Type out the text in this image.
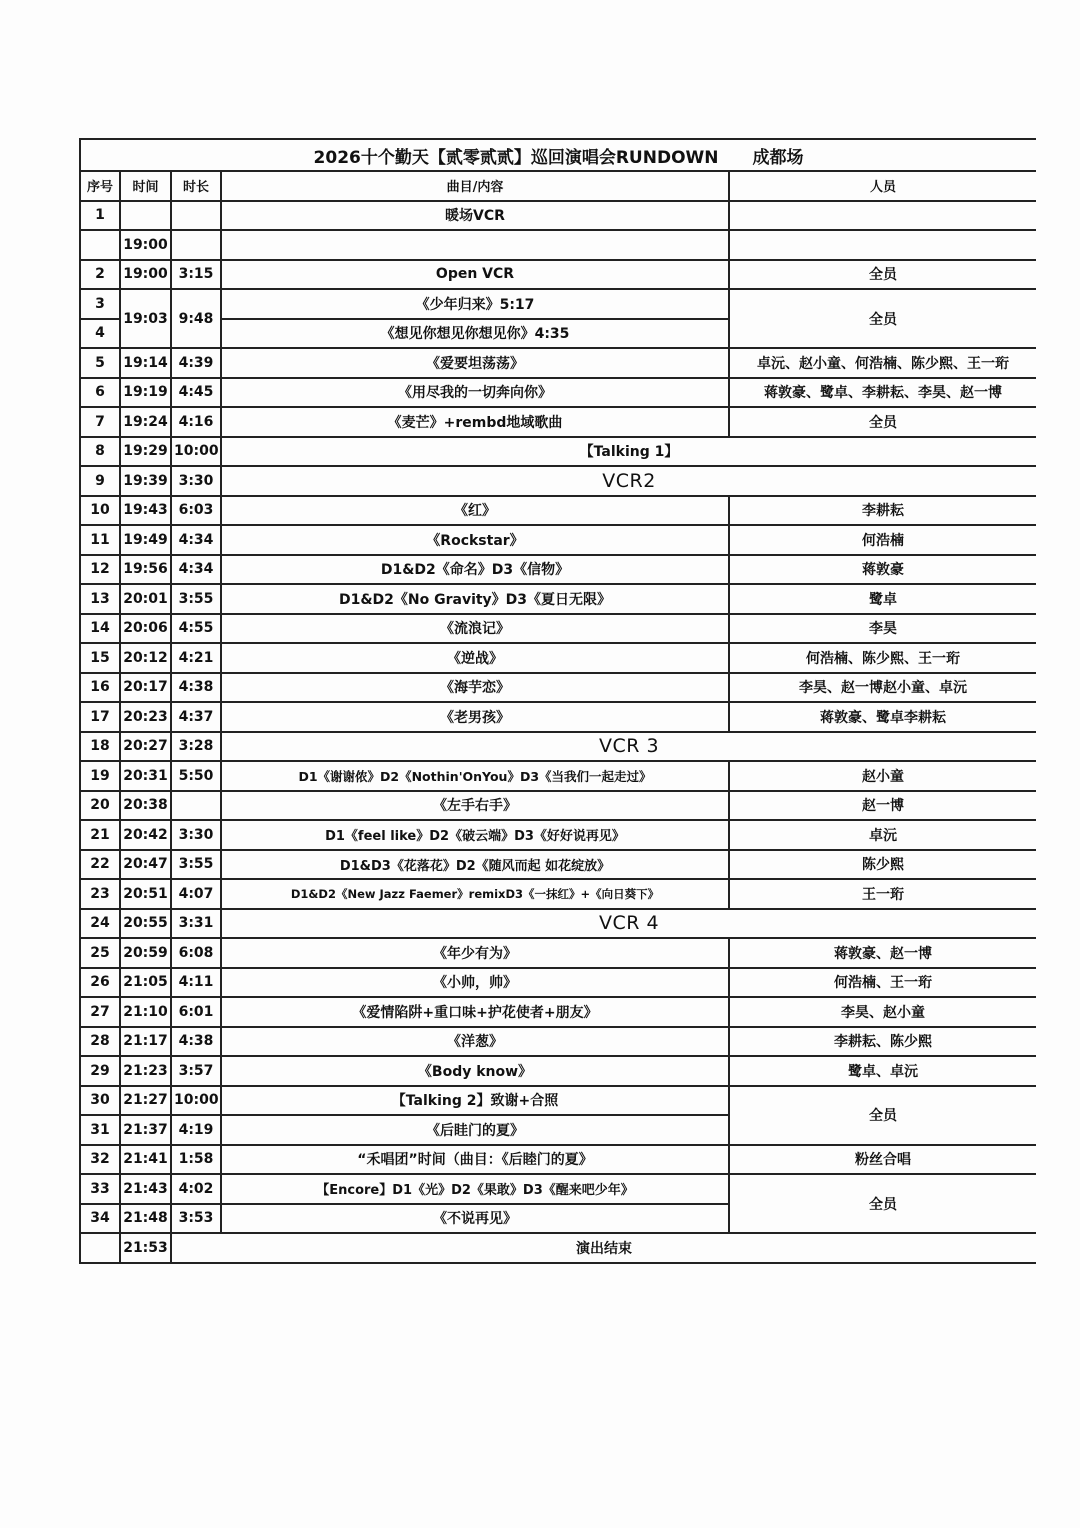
2026十个勤天【贰零贰贰】巡回演唱会RUNDOWN　　成都场				
序号	时间	时长	曲目/内容	人员
1			暖场VCR	
	19:00			
2	19:00	3:15	Open VCR	全员
3	19:03	9:48	《少年归来》5:17	全员
4			《想见你想见你想见你》4:35	
5	19:14	4:39	《爱要坦荡荡》	卓沅、赵小童、何浩楠、陈少熙、王一珩
6	19:19	4:45	《用尽我的一切奔向你》	蒋敦豪、鹭卓、李耕耘、李昊、赵一博
7	19:24	4:16	《麦芒》+rembd地域歌曲	全员
8	19:29	10:00	【Talking 1】	
9	19:39	3:30	VCR2	
10	19:43	6:03	《红》	李耕耘
11	19:49	4:34	《Rockstar》	何浩楠
12	19:56	4:34	D1&D2《命名》D3《信物》	蒋敦豪
13	20:01	3:55	D1&D2《No Gravity》D3《夏日无限》	鹭卓
14	20:06	4:55	《流浪记》	李昊
15	20:12	4:21	《逆战》	何浩楠、陈少熙、王一珩
16	20:17	4:38	《海芋恋》	李昊、赵一博赵小童、卓沅
17	20:23	4:37	《老男孩》	蒋敦豪、鹭卓李耕耘
18	20:27	3:28	VCR 3	
19	20:31	5:50	D1《谢谢侬》D2《Nothin'OnYou》D3《当我们一起走过》	赵小童
20	20:38		《左手右手》	赵一博
21	20:42	3:30	D1《feel like》D2《破云端》D3《好好说再见》	卓沅
22	20:47	3:55	D1&D3《花落花》D2《随风而起 如花绽放》	陈少熙
23	20:51	4:07	D1&D2《New Jazz Faemer》remixD3《一抹红》+《向日葵下》	王一珩
24	20:55	3:31	VCR 4	
25	20:59	6:08	《年少有为》	蒋敦豪、赵一博
26	21:05	4:11	《小帅，帅》	何浩楠、王一珩
27	21:10	6:01	《爱情陷阱+重口味+护花使者+朋友》	李昊、赵小童
28	21:17	4:38	《洋葱》	李耕耘、陈少熙
29	21:23	3:57	《Body know》	鹭卓、卓沅
30	21:27	10:00	【Talking 2】致谢+合照	全员
31	21:37	4:19	《后眭门的夏》	
32	21:41	1:58	“禾唱团”时间（曲目：《后睦门的夏》	粉丝合唱
33	21:43	4:02	【Encore】D1《光》D2《果敢》D3《醒来吧少年》	全员
34	21:48	3:53	《不说再见》	
	21:53	演出结束		
